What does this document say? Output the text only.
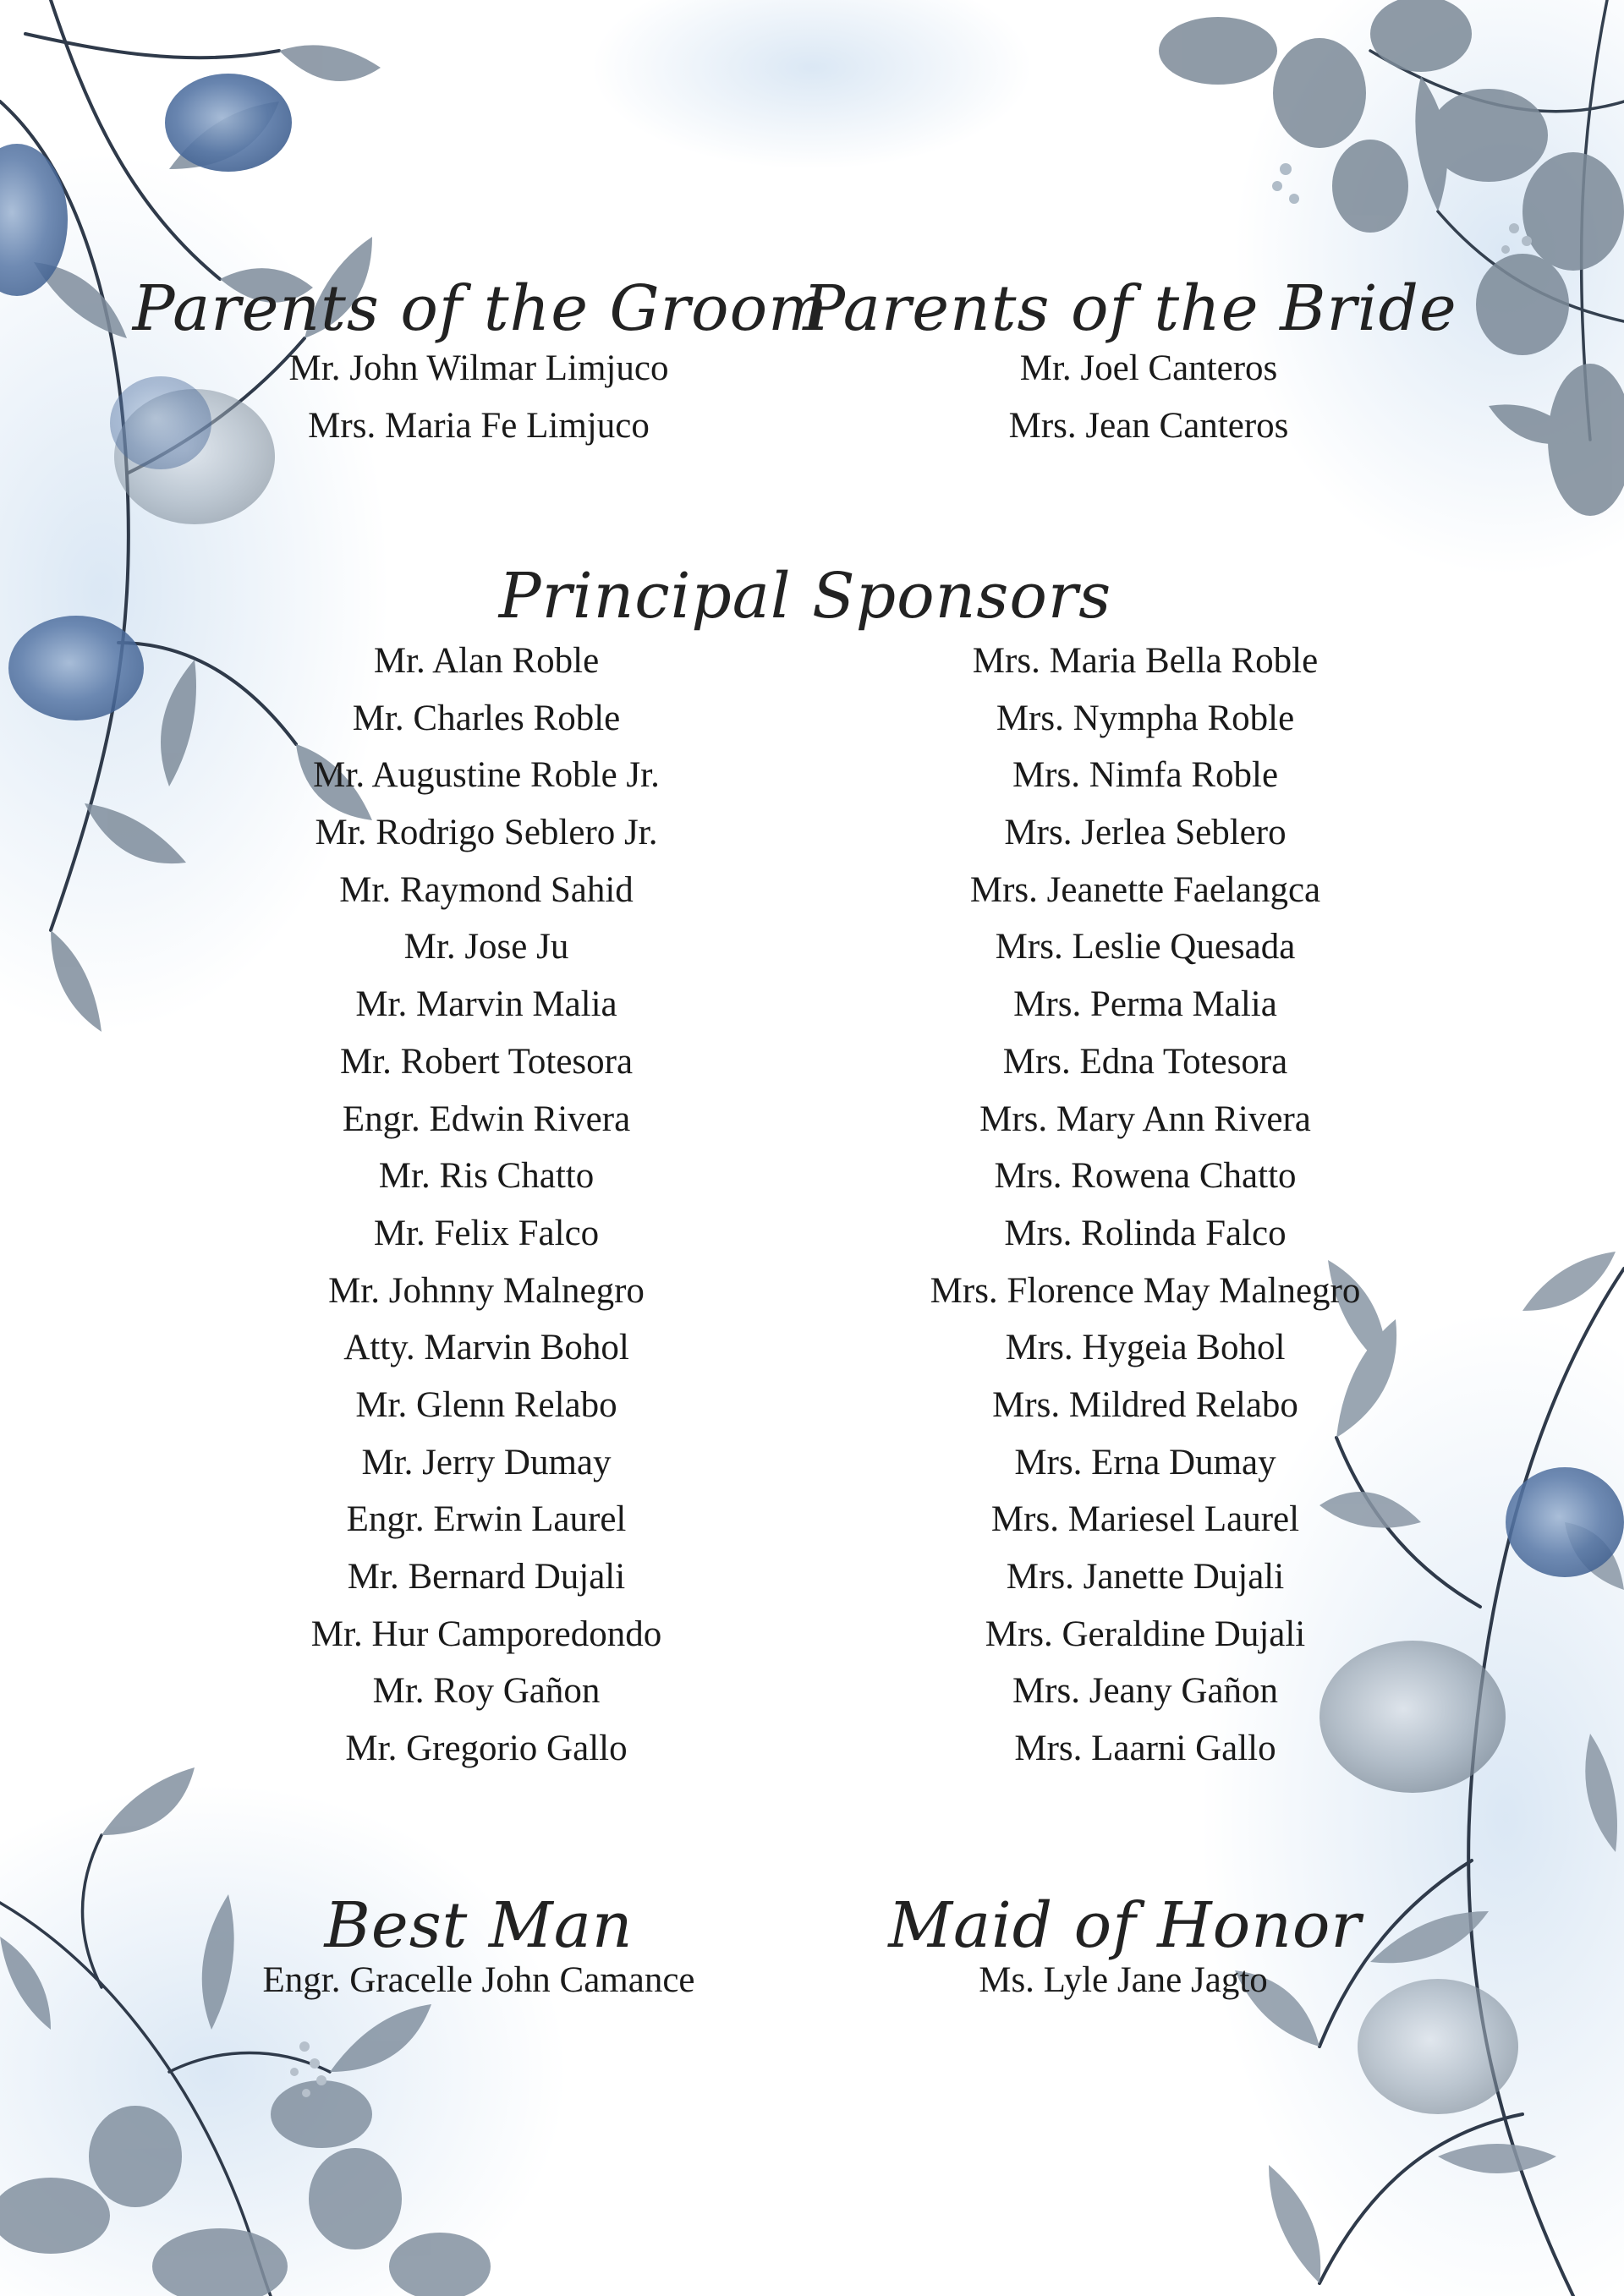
Parents of the Groom
Mr. John Wilmar Limjuco
Mrs. Maria Fe Limjuco
Parents of the Bride
Mr. Joel Canteros
Mrs. Jean Canteros
Principal Sponsors
Mr. Alan Roble
Mr. Charles Roble
Mr. Augustine Roble Jr.
Mr. Rodrigo Seblero Jr.
Mr. Raymond Sahid
Mr. Jose Ju
Mr. Marvin Malia
Mr. Robert Totesora
Engr. Edwin Rivera
Mr. Ris Chatto
Mr. Felix Falco
Mr. Johnny Malnegro
Atty. Marvin Bohol
Mr. Glenn Relabo
Mr. Jerry Dumay
Engr. Erwin Laurel
Mr. Bernard Dujali
Mr. Hur Camporedondo
Mr. Roy Gañon
Mr. Gregorio Gallo
Mrs. Maria Bella Roble
Mrs. Nympha Roble
Mrs. Nimfa Roble
Mrs. Jerlea Seblero
Mrs. Jeanette Faelangca
Mrs. Leslie Quesada
Mrs. Perma Malia
Mrs. Edna Totesora
Mrs. Mary Ann Rivera
Mrs. Rowena Chatto
Mrs. Rolinda Falco
Mrs. Florence May Malnegro
Mrs. Hygeia Bohol
Mrs. Mildred Relabo
Mrs. Erna Dumay
Mrs. Mariesel Laurel
Mrs. Janette Dujali
Mrs. Geraldine Dujali
Mrs. Jeany Gañon
Mrs. Laarni Gallo
Best Man
Engr. Gracelle John Camance
Maid of Honor
Ms. Lyle Jane Jagto
